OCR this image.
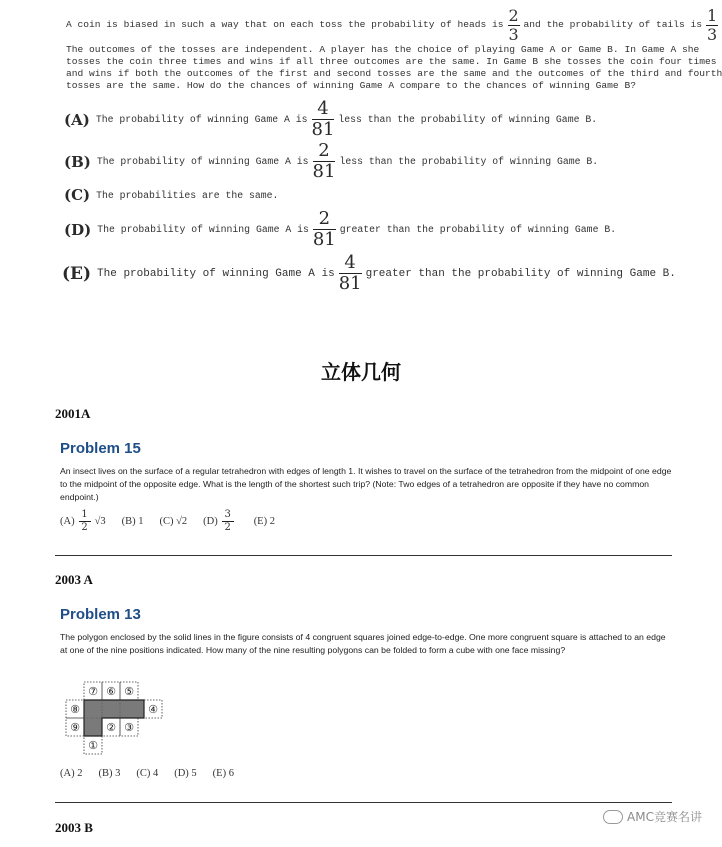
A coin is biased in such a way that on each toss the probability of heads is $\frac{2}{3}$ and the probability of tails is $\frac{1}{3}$
The outcomes of the tosses are independent. A player has the choice of playing Game A or Game B. In Game A she
tosses the coin three times and wins if all three outcomes are the same. In Game B she tosses the coin four times
and wins if both the outcomes of the first and second tosses are the same and the outcomes of the third and fourth
tosses are the same. How do the chances of winning Game A compare to the chances of winning Game B?
(A) The probability of winning Game A is $\frac{4}{81}$ less than the probability of winning Game B.
(B) The probability of winning Game A is $\frac{2}{81}$ less than the probability of winning Game B.
(C) The probabilities are the same.
(D) The probability of winning Game A is $\frac{2}{81}$ greater than the probability of winning Game B.
(E) The probability of winning Game A is $\frac{4}{81}$ greater than the probability of winning Game B.
立体几何
2001A
Problem 15
An insect lives on the surface of a regular tetrahedron with edges of length 1. It wishes to travel on the surface of the tetrahedron from the midpoint of one edge to the midpoint of the opposite edge. What is the length of the shortest such trip? (Note: Two edges of a tetrahedron are opposite if they have no common endpoint.)
$(A) \frac{1}{2} √3$ (B)
1 (C)
√2 $(D) \frac{3}{2} (E)$
2
2003 A
Problem 13
The polygon enclosed by the solid lines in the figure consists of 4 congruent squares joined edge-to-edge. One more congruent square is attached to an edge at one of the nine positions indicated. How many of the nine resulting polygons can be folded to form a cube with one face missing?
⑦ ⑥ ⑤
⑧	④
⑨ ② ③
①
(A) 2 (B) 3 (C) 4 (D) 5 (E) 6
2003 B
AMC竞赛名讲
